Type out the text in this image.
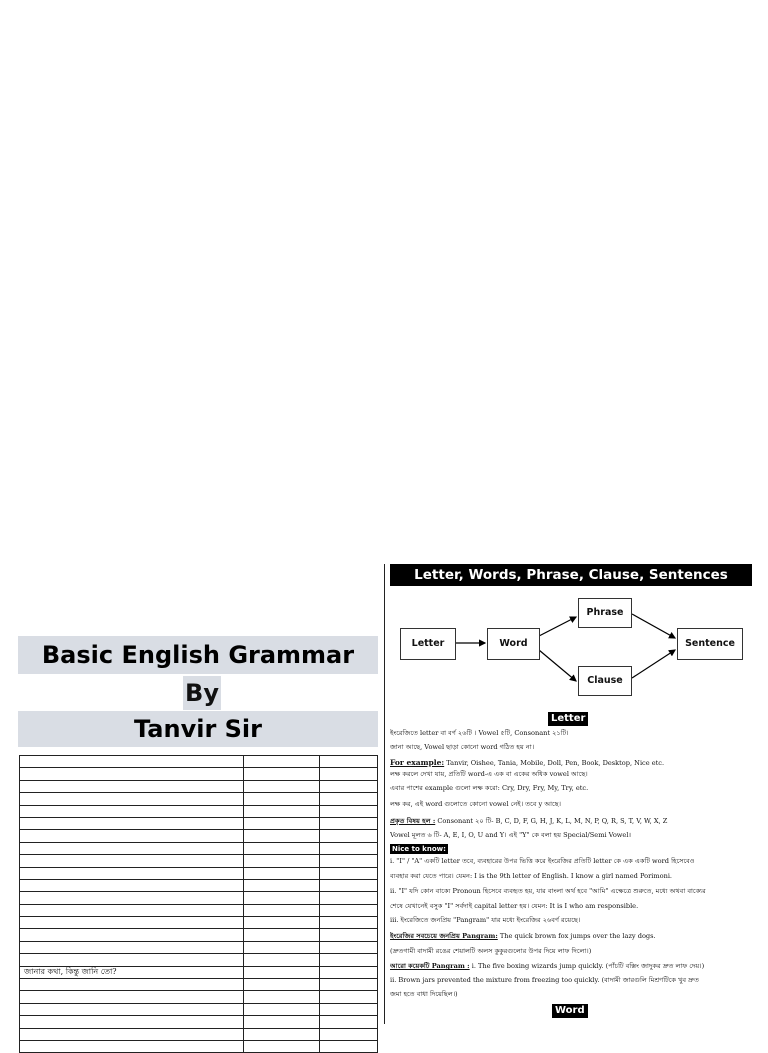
Basic English Grammar
By
Tanvir Sir

জানার কথা, কিন্তু জানি তো?		

Letter, Words, Phrase, Clause, Sentences
Letter	Word
Phrase
Clause
Sentence
Letter
ইংরেজিতে letter বা বর্ণ ২৬টি । Vowel ৫টি, Consonant ২১টি।
জানা আছে, Vowel ছাড়া কোনো word গঠিত হয় না।
For example: Tanvir, Oishee, Tania, Mobile, Doll, Pen, Book, Desktop, Nice etc.
লক্ষ করলে দেখা যায়, প্রতিটি word-এ এক বা একের অধিক vowel আছে।
এবার পাশের example গুলো লক্ষ করো: Cry, Dry, Fry, My, Try, etc.
লক্ষ কর, এই word গুলোতে কোনো vowel নেই। তবে y আছে।
প্রকৃত বিষয় হল : Consonant ২০ টি- B, C, D, F, G, H, J, K, L, M, N, P, Q, R, S, T, V, W, X, Z
Vowel মূলত ৬ টি- A, E, I, O, U and Y। এই "Y" কে বলা হয় Special/Semi Vowel।
Nice to know:
i. "I" / "A" একটি letter তবে, ব্যবহারের উপর ভিত্তি করে ইংরেজির প্রতিটি letter কে এক একটি word হিসেবেও
ব্যবহার করা যেতে পারে। যেমন: I is the 9th letter of English. I know a girl named Porimoni.
ii. "I" যদি কোন বাক্যে Pronoun হিসেবে ব্যবহৃত হয়, যার বাংলা অর্থ হবে "আমি" এক্ষেত্রে শুরুতে, মধ্যে অথবা বাক্যের
শেষে যেখানেই বসুক "I" সর্বদাই capital letter হয়। যেমন: It is I who am responsible.
iii. ইংরেজিতে জনপ্রিয় "Pangram" যার মধ্যে ইংরেজির ২৬বর্ণ রয়েছে।
ইংরেজির সবচেয়ে জনপ্রিয় Pangram: The quick brown fox jumps over the lazy dogs.
(দ্রুতগামী বাদামী রঙের শেয়ালটি অলস কুকুরগুলোর উপর দিয়ে লাফ দিলো।)
আরো কয়েকটি Pangram : i. The five boxing wizards jump quickly. (পাঁচটি বক্সিং জাদুকর দ্রুত লাফ দেয়।)
ii. Brown jars prevented the mixture from freezing too quickly. (বাদামী জারগুলি মিশ্রণটিকে খুব দ্রুত
জমা হতে বাধা দিয়েছিল।)
Word
